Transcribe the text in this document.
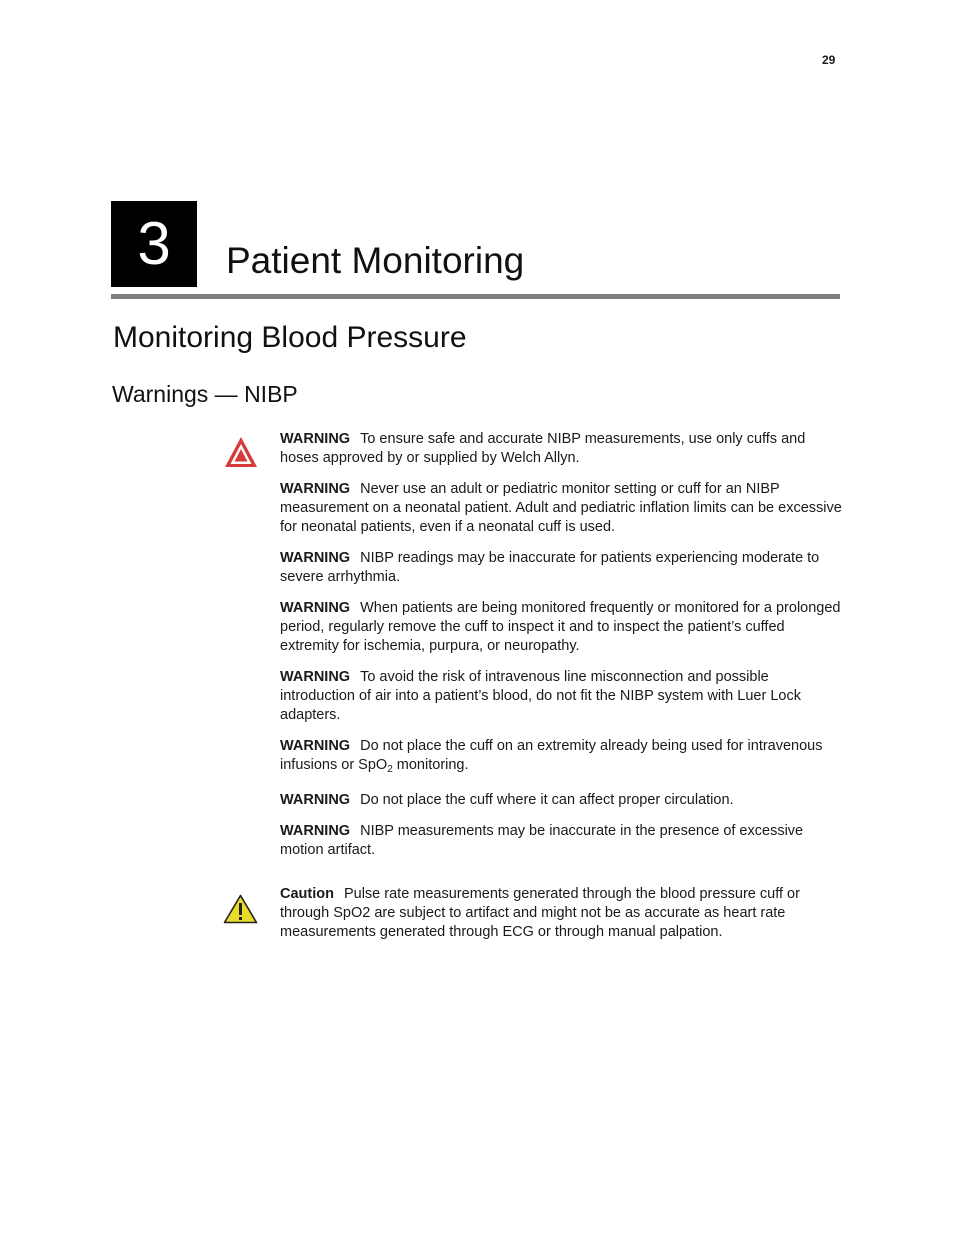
29
3	Patient Monitoring
Monitoring Blood Pressure
Warnings — NIBP

WARNING To ensure safe and accurate NIBP measurements, use only cuffs and hoses approved by or supplied by Welch Allyn.

WARNING Never use an adult or pediatric monitor setting or cuff for an NIBP measurement on a neonatal patient. Adult and pediatric inflation limits can be excessive for neonatal patients, even if a neonatal cuff is used.

WARNING NIBP readings may be inaccurate for patients experiencing moderate to severe arrhythmia.

WARNING When patients are being monitored frequently or monitored for a prolonged period, regularly remove the cuff to inspect it and to inspect the patient’s cuffed extremity for ischemia, purpura, or neuropathy.

WARNING To avoid the risk of intravenous line misconnection and possible introduction of air into a patient’s blood, do not fit the NIBP system with Luer Lock adapters.

WARNING Do not place the cuff on an extremity already being used for intravenous infusions or SpO$_2$ monitoring.

WARNING Do not place the cuff where it can affect proper circulation.

WARNING NIBP measurements may be inaccurate in the presence of excessive motion artifact.

Caution Pulse rate measurements generated through the blood pressure cuff or through SpO2 are subject to artifact and might not be as accurate as heart rate measurements generated through ECG or through manual palpation.
